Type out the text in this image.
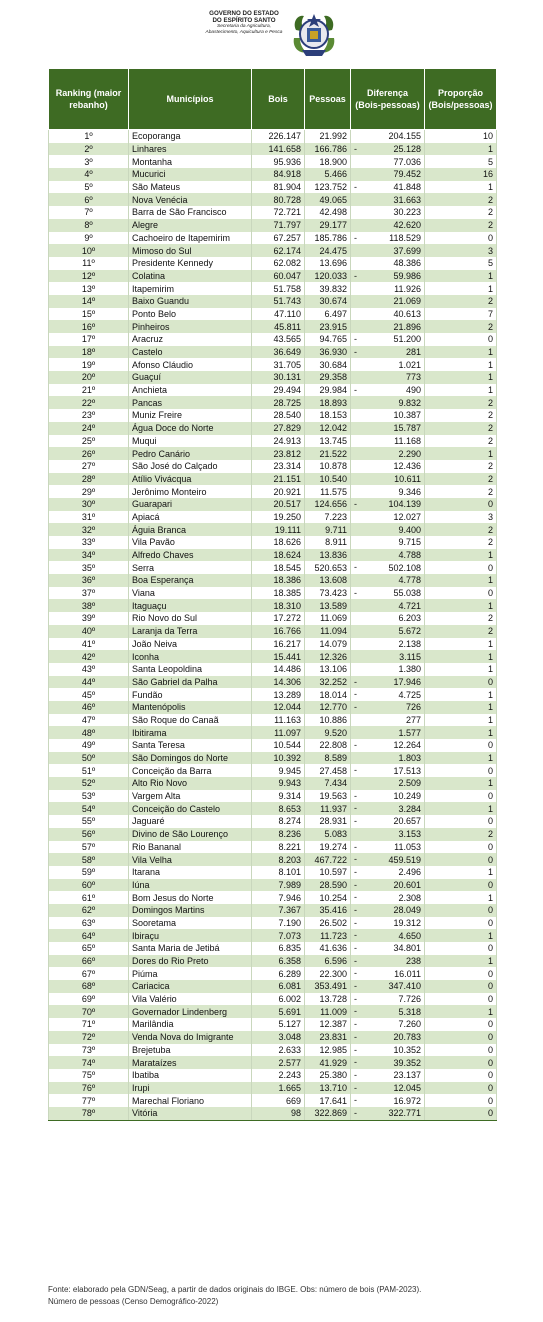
GOVERNO DO ESTADO
DO ESPÍRITO SANTO
Secretaria da Agricultura,
Abastecimento, Aquicultura e Pesca
Ranking (maior rebanho)	Municípios	Bois	Pessoas	Diferença (Bois-pessoas)	Proporção (Bois/pessoas)
1º	Ecoporanga	226.147	21.992	204.155	10
2º	Linhares	141.658	166.786	- 25.128	1
3º	Montanha	95.936	18.900	77.036	5
4º	Mucurici	84.918	5.466	79.452	16
5º	São Mateus	81.904	123.752	- 41.848	1
6º	Nova Venécia	80.728	49.065	31.663	2
7º	Barra de São Francisco	72.721	42.498	30.223	2
8º	Alegre	71.797	29.177	42.620	2
9º	Cachoeiro de Itapemirim	67.257	185.786	- 118.529	0
10º	Mimoso do Sul	62.174	24.475	37.699	3
11º	Presidente Kennedy	62.082	13.696	48.386	5
12º	Colatina	60.047	120.033	- 59.986	1
13º	Itapemirim	51.758	39.832	11.926	1
14º	Baixo Guandu	51.743	30.674	21.069	2
15º	Ponto Belo	47.110	6.497	40.613	7
16º	Pinheiros	45.811	23.915	21.896	2
17º	Aracruz	43.565	94.765	- 51.200	0
18º	Castelo	36.649	36.930	- 281	1
19º	Afonso Cláudio	31.705	30.684	1.021	1
20º	Guaçuí	30.131	29.358	773	1
21º	Anchieta	29.494	29.984	- 490	1
22º	Pancas	28.725	18.893	9.832	2
23º	Muniz Freire	28.540	18.153	10.387	2
24º	Água Doce do Norte	27.829	12.042	15.787	2
25º	Muqui	24.913	13.745	11.168	2
26º	Pedro Canário	23.812	21.522	2.290	1
27º	São José do Calçado	23.314	10.878	12.436	2
28º	Atílio Vivácqua	21.151	10.540	10.611	2
29º	Jerônimo Monteiro	20.921	11.575	9.346	2
30º	Guarapari	20.517	124.656	- 104.139	0
31º	Apiacá	19.250	7.223	12.027	3
32º	Águia Branca	19.111	9.711	9.400	2
33º	Vila Pavão	18.626	8.911	9.715	2
34º	Alfredo Chaves	18.624	13.836	4.788	1
35º	Serra	18.545	520.653	- 502.108	0
36º	Boa Esperança	18.386	13.608	4.778	1
37º	Viana	18.385	73.423	- 55.038	0
38º	Itaguaçu	18.310	13.589	4.721	1
39º	Rio Novo do Sul	17.272	11.069	6.203	2
40º	Laranja da Terra	16.766	11.094	5.672	2
41º	João Neiva	16.217	14.079	2.138	1
42º	Iconha	15.441	12.326	3.115	1
43º	Santa Leopoldina	14.486	13.106	1.380	1
44º	São Gabriel da Palha	14.306	32.252	- 17.946	0
45º	Fundão	13.289	18.014	- 4.725	1
46º	Mantenópolis	12.044	12.770	- 726	1
47º	São Roque do Canaã	11.163	10.886	277	1
48º	Ibitirama	11.097	9.520	1.577	1
49º	Santa Teresa	10.544	22.808	- 12.264	0
50º	São Domingos do Norte	10.392	8.589	1.803	1
51º	Conceição da Barra	9.945	27.458	- 17.513	0
52º	Alto Rio Novo	9.943	7.434	2.509	1
53º	Vargem Alta	9.314	19.563	- 10.249	0
54º	Conceição do Castelo	8.653	11.937	- 3.284	1
55º	Jaguaré	8.274	28.931	- 20.657	0
56º	Divino de São Lourenço	8.236	5.083	3.153	2
57º	Rio Bananal	8.221	19.274	- 11.053	0
58º	Vila Velha	8.203	467.722	- 459.519	0
59º	Itarana	8.101	10.597	- 2.496	1
60º	Iúna	7.989	28.590	- 20.601	0
61º	Bom Jesus do Norte	7.946	10.254	- 2.308	1
62º	Domingos Martins	7.367	35.416	- 28.049	0
63º	Sooretama	7.190	26.502	- 19.312	0
64º	Ibiraçu	7.073	11.723	- 4.650	1
65º	Santa Maria de Jetibá	6.835	41.636	- 34.801	0
66º	Dores do Rio Preto	6.358	6.596	- 238	1
67º	Piúma	6.289	22.300	- 16.011	0
68º	Cariacica	6.081	353.491	- 347.410	0
69º	Vila Valério	6.002	13.728	- 7.726	0
70º	Governador Lindenberg	5.691	11.009	- 5.318	1
71º	Marilândia	5.127	12.387	- 7.260	0
72º	Venda Nova do Imigrante	3.048	23.831	- 20.783	0
73º	Brejetuba	2.633	12.985	- 10.352	0
74º	Marataízes	2.577	41.929	- 39.352	0
75º	Ibatiba	2.243	25.380	- 23.137	0
76º	Irupi	1.665	13.710	- 12.045	0
77º	Marechal Floriano	669	17.641	- 16.972	0
78º	Vitória	98	322.869	- 322.771	0
Fonte: elaborado pela GDN/Seag, a partir de dados originais do IBGE. Obs: número de bois (PAM-2023).
Número de pessoas (Censo Demográfico-2022)
